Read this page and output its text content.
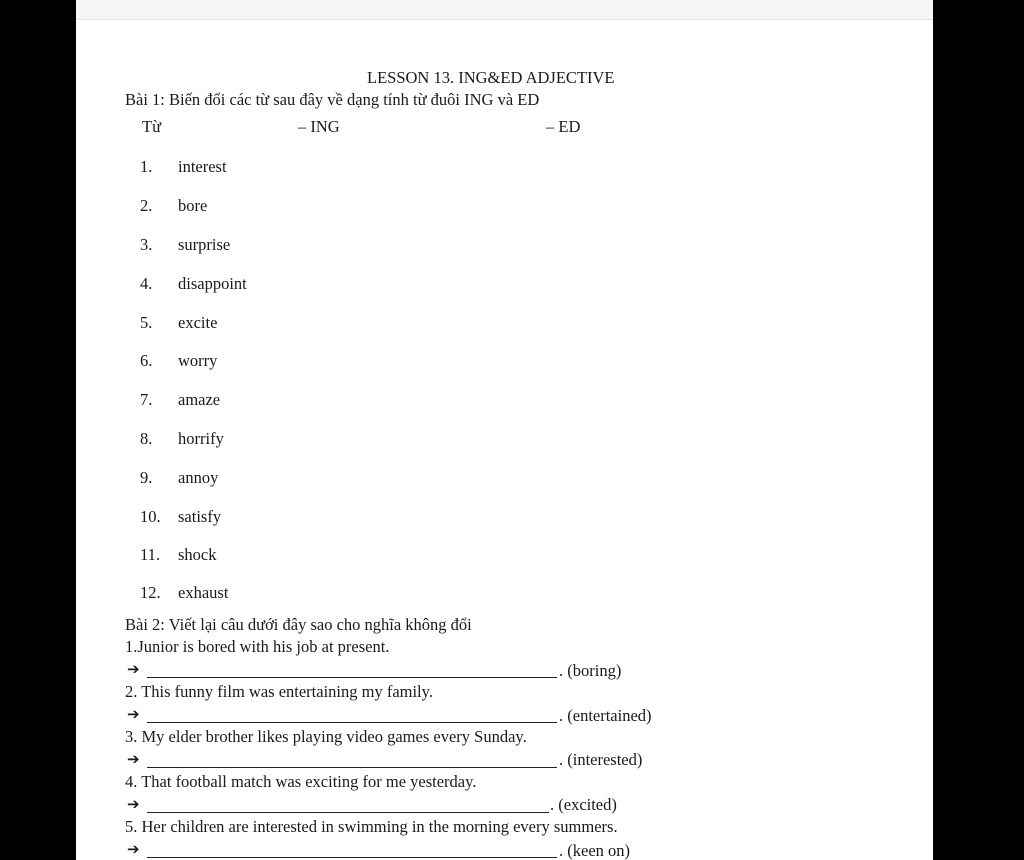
LESSON 13. ING&ED ADJECTIVE
Bài 1: Biến đổi các từ sau đây về dạng tính từ đuôi ING và ED
Từ	– ING	– ED
1. interest
2. bore
3. surprise
4. disappoint
5. excite
6. worry
7. amaze
8. horrify
9. annoy
10. satisfy
11. shock
12. exhaust
Bài 2: Viết lại câu dưới đây sao cho nghĩa không đổi
1.Junior is bored with his job at present.
➔	. (boring)
2. This funny film was entertaining my family.
➔	. (entertained)
3. My elder brother likes playing video games every Sunday.
➔	. (interested)
4. That football match was exciting for me yesterday.
➔	. (excited)
5. Her children are interested in swimming in the morning every summers.
➔	. (keen on)
